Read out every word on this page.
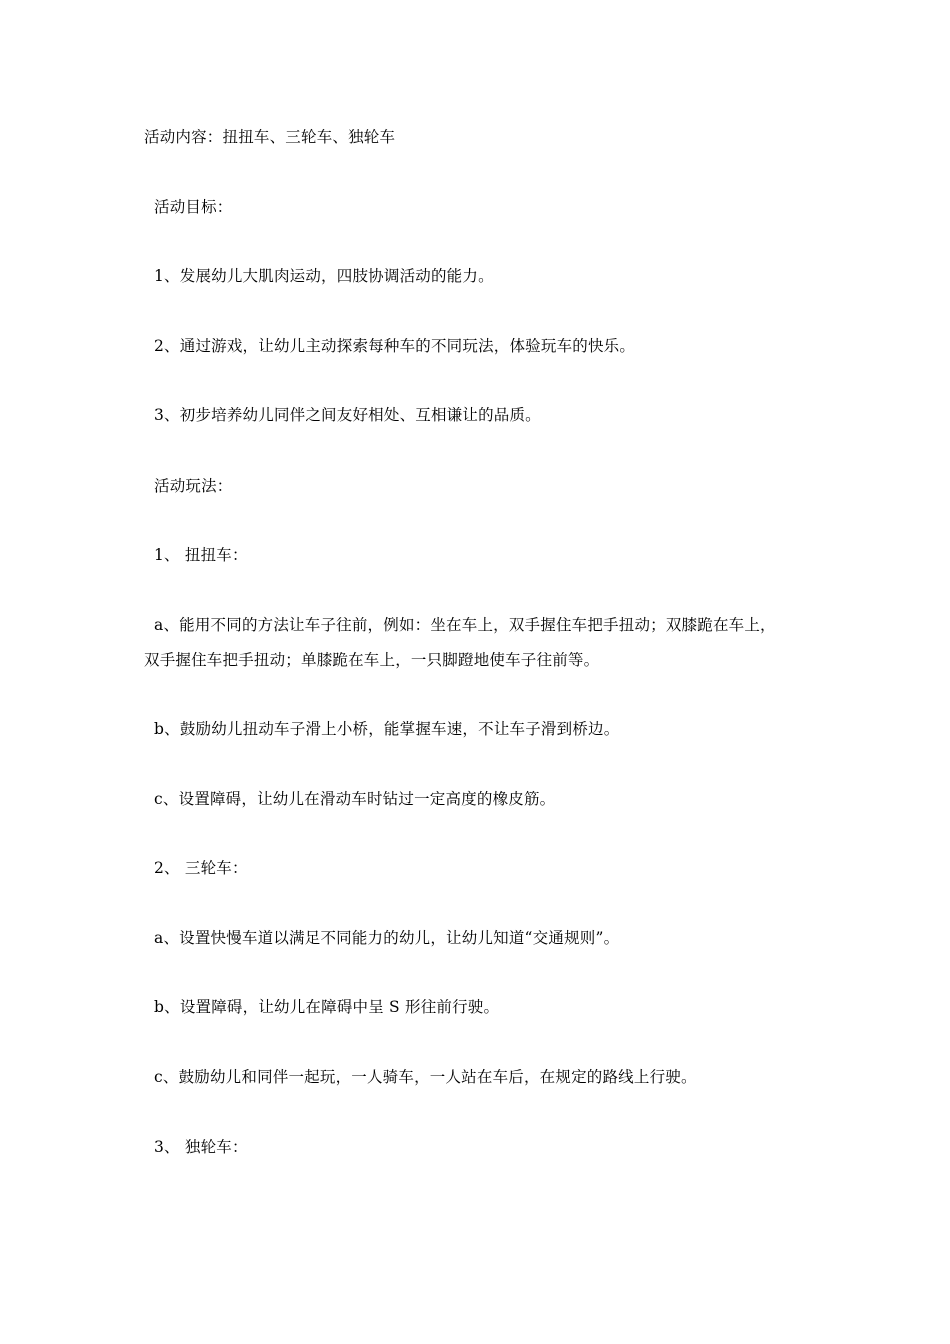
活动内容：扭扭车、三轮车、独轮车
活动目标：
1、发展幼儿大肌肉运动，四肢协调活动的能力。
2、通过游戏，让幼儿主动探索每种车的不同玩法，体验玩车的快乐。
3、初步培养幼儿同伴之间友好相处、互相谦让的品质。
活动玩法：
1、 扭扭车：
a、能用不同的方法让车子往前，例如：坐在车上，双手握住车把手扭动；双膝跪在车上，
双手握住车把手扭动；单膝跪在车上，一只脚蹬地使车子往前等。
b、鼓励幼儿扭动车子滑上小桥，能掌握车速，不让车子滑到桥边。
c、设置障碍，让幼儿在滑动车时钻过一定高度的橡皮筋。
2、 三轮车：
a、设置快慢车道以满足不同能力的幼儿，让幼儿知道“交通规则”。
b、设置障碍，让幼儿在障碍中呈 S 形往前行驶。
c、鼓励幼儿和同伴一起玩，一人骑车，一人站在车后，在规定的路线上行驶。
3、 独轮车：
